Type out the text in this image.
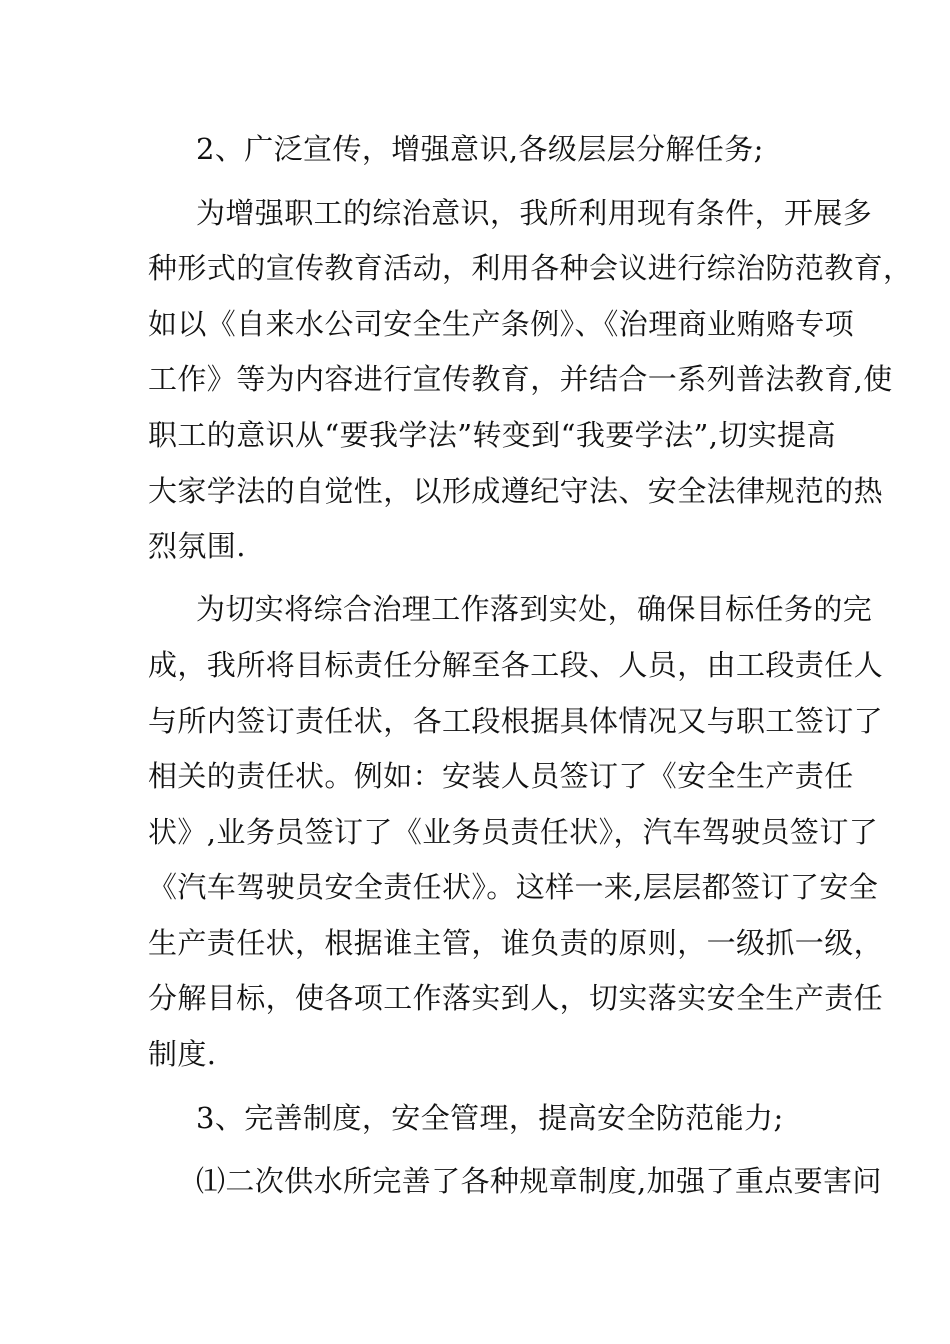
2、广泛宣传，增强意识,各级层层分解任务;
为增强职工的综治意识，我所利用现有条件，开展多
种形式的宣传教育活动，利用各种会议进行综治防范教育，
如以《自来水公司安全生产条例》、《治理商业贿赂专项
工作》等为内容进行宣传教育，并结合一系列普法教育,使
职工的意识从“要我学法”转变到“我要学法”,切实提高
大家学法的自觉性，以形成遵纪守法、安全法律规范的热
烈氛围.
为切实将综合治理工作落到实处，确保目标任务的完
成，我所将目标责任分解至各工段、人员，由工段责任人
与所内签订责任状，各工段根据具体情况又与职工签订了
相关的责任状。例如：安装人员签订了《安全生产责任
状》,业务员签订了《业务员责任状》，汽车驾驶员签订了
《汽车驾驶员安全责任状》。这样一来,层层都签订了安全
生产责任状，根据谁主管，谁负责的原则，一级抓一级，
分解目标，使各项工作落实到人，切实落实安全生产责任
制度.
3、完善制度，安全管理，提高安全防范能力;
⑴二次供水所完善了各种规章制度,加强了重点要害问
